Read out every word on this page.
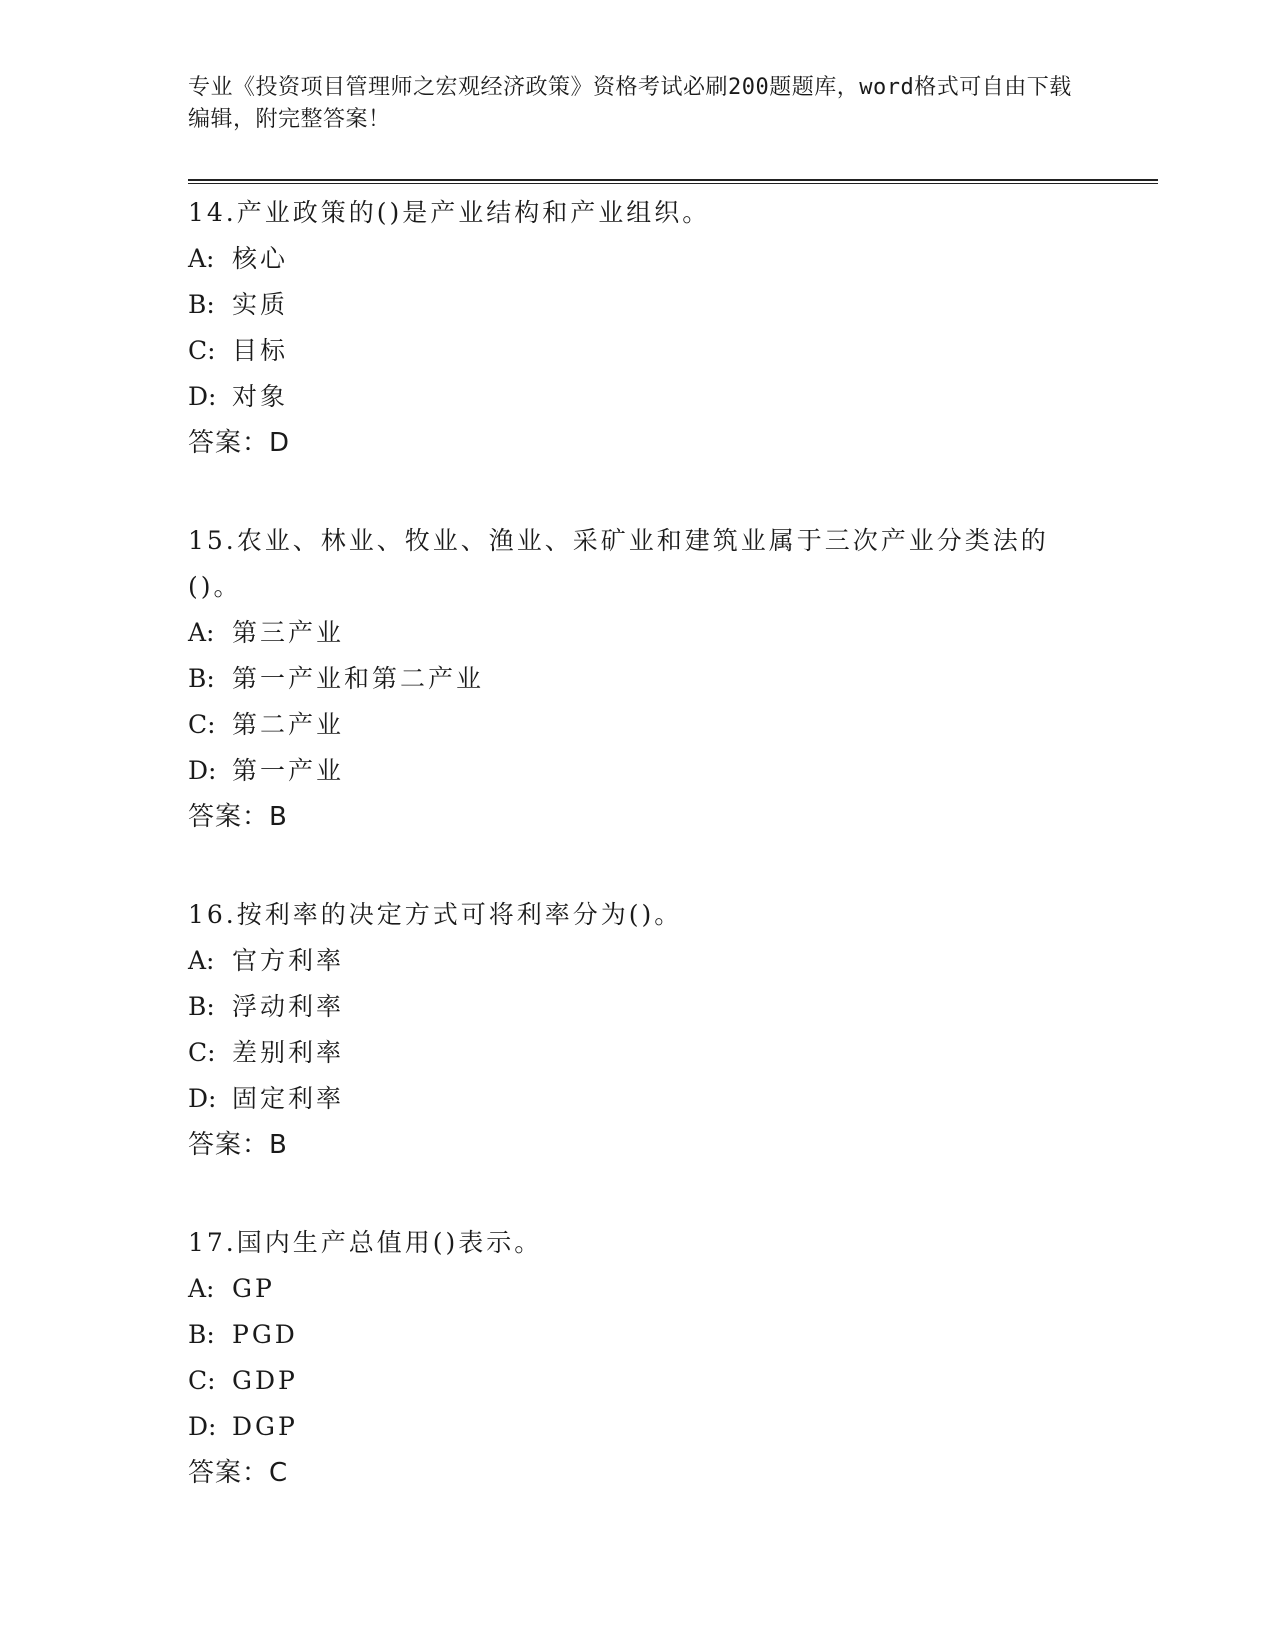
专业《投资项目管理师之宏观经济政策》资格考试必刷200题题库，word格式可自由下载编辑，附完整答案！
14.产业政策的()是产业结构和产业组织。
A: 核心
B: 实质
C: 目标
D: 对象
答案：D
15.农业、林业、牧业、渔业、采矿业和建筑业属于三次产业分类法的()。
A: 第三产业
B: 第一产业和第二产业
C: 第二产业
D: 第一产业
答案：B
16.按利率的决定方式可将利率分为()。
A: 官方利率
B: 浮动利率
C: 差别利率
D: 固定利率
答案：B
17.国内生产总值用()表示。
A: GP
B: PGD
C: GDP
D: DGP
答案：C
